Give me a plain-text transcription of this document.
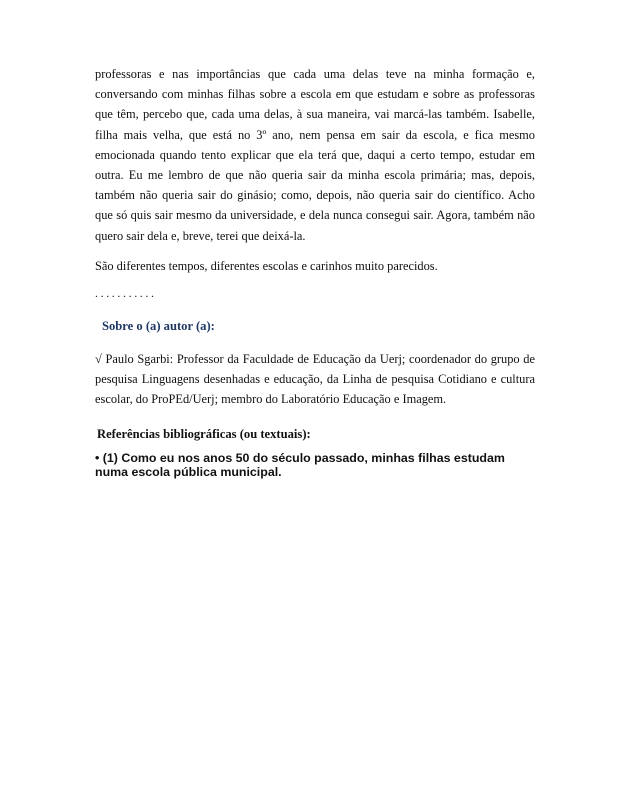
professoras e nas importâncias que cada uma delas teve na minha formação e, conversando com minhas filhas sobre a escola em que estudam e sobre as professoras que têm, percebo que, cada uma delas, à sua maneira, vai marcá-las também. Isabelle, filha mais velha, que está no 3º ano, nem pensa em sair da escola, e fica mesmo emocionada quando tento explicar que ela terá que, daqui a certo tempo, estudar em outra. Eu me lembro de que não queria sair da minha escola primária; mas, depois, também não queria sair do ginásio; como, depois, não queria sair do científico. Acho que só quis sair mesmo da universidade, e dela nunca consegui sair. Agora, também não quero sair dela e, breve, terei que deixá-la.

São diferentes tempos, diferentes escolas e carinhos muito parecidos.

...........
Sobre o (a) autor (a):

√ Paulo Sgarbi: Professor da Faculdade de Educação da Uerj; coordenador do grupo de pesquisa Linguagens desenhadas e educação, da Linha de pesquisa Cotidiano e cultura escolar, do ProPEd/Uerj; membro do Laboratório Educação e Imagem.

Referências bibliográficas (ou textuais):
• (1) Como eu nos anos 50 do século passado, minhas filhas estudam numa escola pública municipal.
